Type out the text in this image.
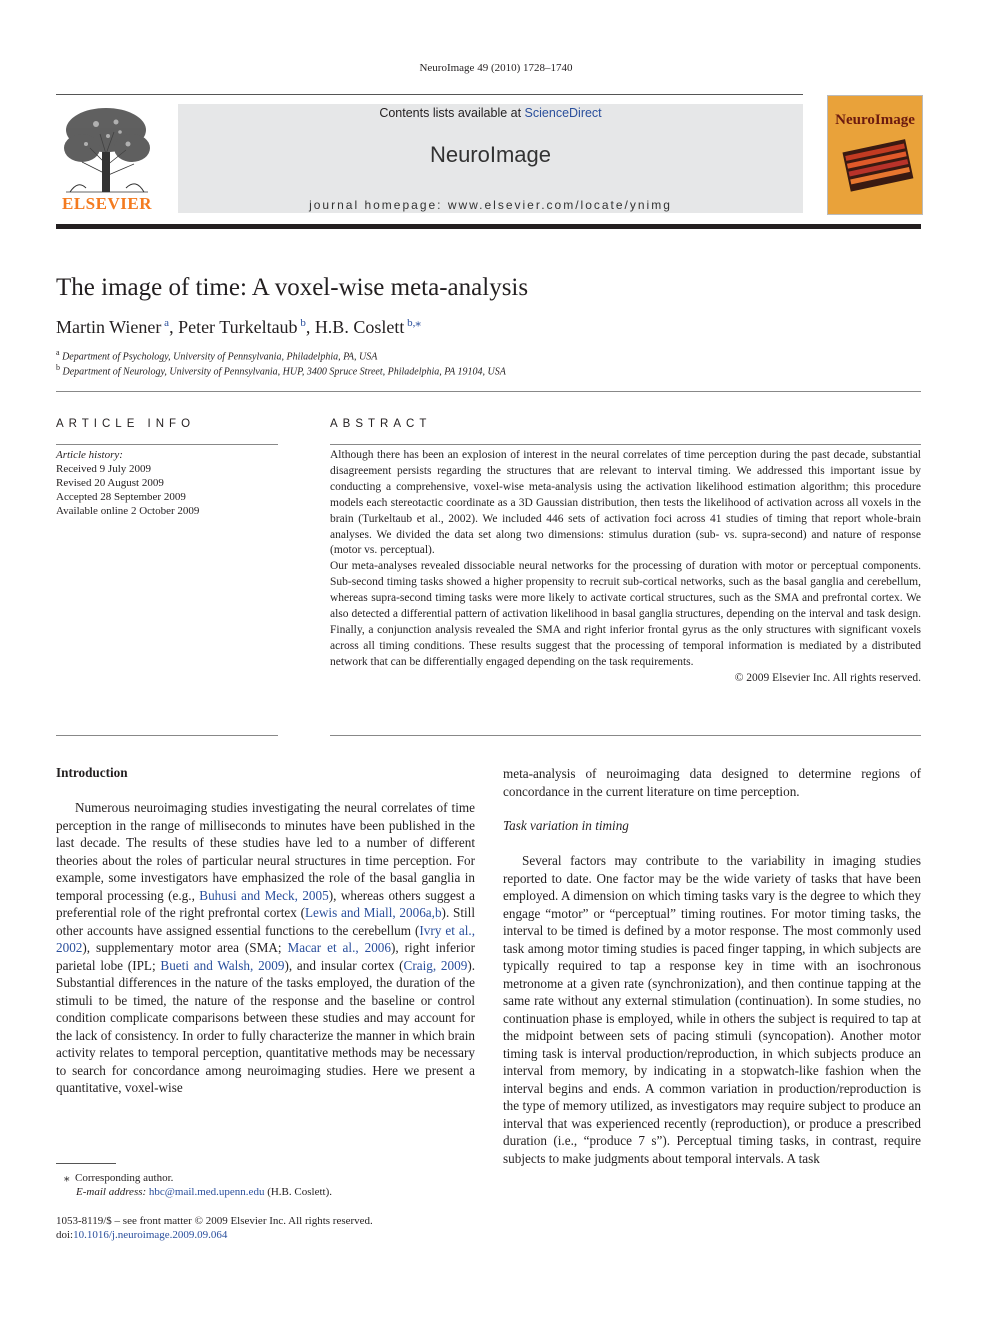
NeuroImage 49 (2010) 1728–1740
ELSEVIER
Contents lists available at ScienceDirect
NeuroImage
journal homepage: www.elsevier.com/locate/ynimg
NeuroImage
The image of time: A voxel-wise meta-analysis
Martin Wiener $^a$, Peter Turkeltaub $^b$, H.B. Coslett $^{b,⁎}$
$^a$ Department of Psychology, University of Pennsylvania, Philadelphia, PA, USA
$^b$ Department of Neurology, University of Pennsylvania, HUP, 3400 Spruce Street, Philadelphia, PA 19104, USA
ARTICLE INFO
Article history:
Received 9 July 2009
Revised 20 August 2009
Accepted 28 September 2009
Available online 2 October 2009
ABSTRACT

Although there has been an explosion of interest in the neural correlates of time perception during the past decade, substantial disagreement persists regarding the structures that are relevant to interval timing. We addressed this important issue by conducting a comprehensive, voxel-wise meta-analysis using the activation likelihood estimation algorithm; this procedure models each stereotactic coordinate as a 3D Gaussian distribution, then tests the likelihood of activation across all voxels in the brain (Turkeltaub et al., 2002). We included 446 sets of activation foci across 41 studies of timing that report whole-brain analyses. We divided the data set along two dimensions: stimulus duration (sub- vs. supra-second) and nature of response (motor vs. perceptual).

Our meta-analyses revealed dissociable neural networks for the processing of duration with motor or perceptual components. Sub-second timing tasks showed a higher propensity to recruit sub-cortical networks, such as the basal ganglia and cerebellum, whereas supra-second timing tasks were more likely to activate cortical structures, such as the SMA and prefrontal cortex. We also detected a differential pattern of activation likelihood in basal ganglia structures, depending on the interval and task design. Finally, a conjunction analysis revealed the SMA and right inferior frontal gyrus as the only structures with significant voxels across all timing conditions. These results suggest that the processing of temporal information is mediated by a distributed network that can be differentially engaged depending on the task requirements.

© 2009 Elsevier Inc. All rights reserved.
Introduction

Numerous neuroimaging studies investigating the neural correlates of time perception in the range of milliseconds to minutes have been published in the last decade. The results of these studies have led to a number of different theories about the roles of particular neural structures in time perception. For example, some investigators have emphasized the role of the basal ganglia in temporal processing (e.g., Buhusi and Meck, 2005), whereas others suggest a preferential role of the right prefrontal cortex (Lewis and Miall, 2006a,b). Still other accounts have assigned essential functions to the cerebellum (Ivry et al., 2002), supplementary motor area (SMA; Macar et al., 2006), right inferior parietal lobe (IPL; Bueti and Walsh, 2009), and insular cortex (Craig, 2009). Substantial differences in the nature of the tasks employed, the duration of the stimuli to be timed, the nature of the response and the baseline or control condition complicate comparisons between these studies and may account for the lack of consistency. In order to fully characterize the manner in which brain activity relates to temporal perception, quantitative methods may be necessary to search for concordance among neuroimaging studies. Here we present a quantitative, voxel-wise

meta-analysis of neuroimaging data designed to determine regions of concordance in the current literature on time perception.

Task variation in timing

Several factors may contribute to the variability in imaging studies reported to date. One factor may be the wide variety of tasks that have been employed. A dimension on which timing tasks vary is the degree to which they engage “motor” or “perceptual” timing routines. For motor timing tasks, the interval to be timed is defined by a motor response. The most commonly used task among motor timing studies is paced finger tapping, in which subjects are typically required to tap a response key in time with an isochronous metronome at a given rate (synchronization), and then continue tapping at the same rate without any external stimulation (continuation). In some studies, no continuation phase is employed, while in others the subject is required to tap at the midpoint between sets of pacing stimuli (syncopation). Another motor timing task is interval production/reproduction, in which subjects produce an interval from memory, by indicating in a stopwatch-like fashion when the interval begins and ends. A common variation in production/reproduction is the type of memory utilized, as investigators may require subject to produce an interval that was experienced recently (reproduction), or produce a prescribed duration (i.e., “produce 7 s”). Perceptual timing tasks, in contrast, require subjects to make judgments about temporal intervals. A task

⁎ Corresponding author.
E-mail address: hbc@mail.med.upenn.edu (H.B. Coslett).
1053-8119/$ – see front matter © 2009 Elsevier Inc. All rights reserved.
doi:10.1016/j.neuroimage.2009.09.064
